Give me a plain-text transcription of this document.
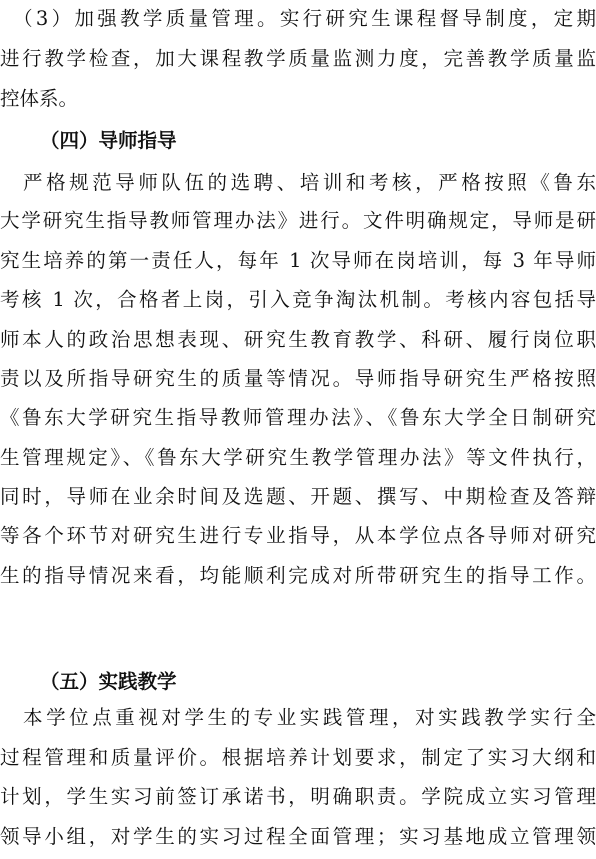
　（3）加强教学质量管理。实行研究生课程督导制度，定期
进行教学检查，加大课程教学质量监测力度，完善教学质量监
控体系。
（四）导师指导
　严格规范导师队伍的选聘、培训和考核，严格按照《鲁东
大学研究生指导教师管理办法》进行。文件明确规定，导师是研
究生培养的第一责任人，每年 1 次导师在岗培训，每 3 年导师
考核 1 次，合格者上岗，引入竞争淘汰机制。考核内容包括导
师本人的政治思想表现、研究生教育教学、科研、履行岗位职
责以及所指导研究生的质量等情况。导师指导研究生严格按照
《鲁东大学研究生指导教师管理办法》、《鲁东大学全日制研究
生管理规定》、《鲁东大学研究生教学管理办法》等文件执行，
同时，导师在业余时间及选题、开题、撰写、中期检查及答辩
等各个环节对研究生进行专业指导，从本学位点各导师对研究
生的指导情况来看，均能顺利完成对所带研究生的指导工作。
（五）实践教学
　本学位点重视对学生的专业实践管理，对实践教学实行全
过程管理和质量评价。根据培养计划要求，制定了实习大纲和
计划，学生实习前签订承诺书，明确职责。学院成立实习管理
领导小组，对学生的实习过程全面管理；实习基地成立管理领
